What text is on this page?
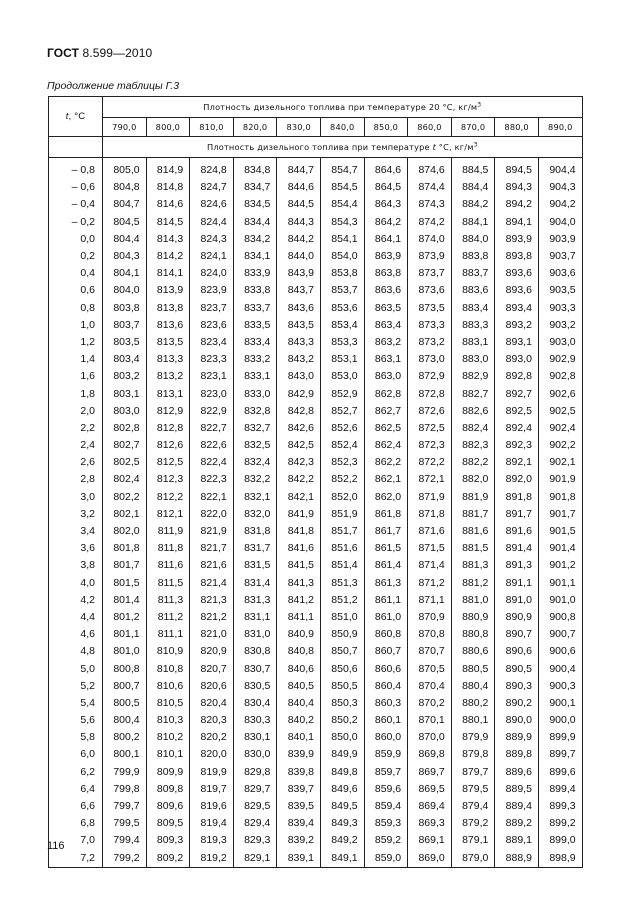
ГОСТ 8.599—2010
Продолжение таблицы Г.3
t, °С	Плотность дизельного топлива при температуре 20 °С, $кг/м^3$
	790,0	800,0	810,0	820,0	830,0	840,0	850,0	860,0	870,0	880,0	890,0
	Плотность дизельного топлива при температуре t °С, $кг/м^3$
– 0,8	805,0	814,9	824,8	834,8	844,7	854,7	864,6	874,6	884,5	894,5	904,4
– 0,6	804,8	814,8	824,7	834,7	844,6	854,5	864,5	874,4	884,4	894,3	904,3
– 0,4	804,7	814,6	824,6	834,5	844,5	854,4	864,3	874,3	884,2	894,2	904,2
– 0,2	804,5	814,5	824,4	834,4	844,3	854,3	864,2	874,2	884,1	894,1	904,0
0,0	804,4	814,3	824,3	834,2	844,2	854,1	864,1	874,0	884,0	893,9	903,9
0,2	804,3	814,2	824,1	834,1	844,0	854,0	863,9	873,9	883,8	893,8	903,7
0,4	804,1	814,1	824,0	833,9	843,9	853,8	863,8	873,7	883,7	893,6	903,6
0,6	804,0	813,9	823,9	833,8	843,7	853,7	863,6	873,6	883,6	893,6	903,5
0,8	803,8	813,8	823,7	833,7	843,6	853,6	863,5	873,5	883,4	893,4	903,3
1,0	803,7	813,6	823,6	833,5	843,5	853,4	863,4	873,3	883,3	893,2	903,2
1,2	803,5	813,5	823,4	833,4	843,3	853,3	863,2	873,2	883,1	893,1	903,0
1,4	803,4	813,3	823,3	833,2	843,2	853,1	863,1	873,0	883,0	893,0	902,9
1,6	803,2	813,2	823,1	833,1	843,0	853,0	863,0	872,9	882,9	892,8	902,8
1,8	803,1	813,1	823,0	833,0	842,9	852,9	862,8	872,8	882,7	892,7	902,6
2,0	803,0	812,9	822,9	832,8	842,8	852,7	862,7	872,6	882,6	892,5	902,5
2,2	802,8	812,8	822,7	832,7	842,6	852,6	862,5	872,5	882,4	892,4	902,4
2,4	802,7	812,6	822,6	832,5	842,5	852,4	862,4	872,3	882,3	892,3	902,2
2,6	802,5	812,5	822,4	832,4	842,3	852,3	862,2	872,2	882,2	892,1	902,1
2,8	802,4	812,3	822,3	832,2	842,2	852,2	862,1	872,1	882,0	892,0	901,9
3,0	802,2	812,2	822,1	832,1	842,1	852,0	862,0	871,9	881,9	891,8	901,8
3,2	802,1	812,1	822,0	832,0	841,9	851,9	861,8	871,8	881,7	891,7	901,7
3,4	802,0	811,9	821,9	831,8	841,8	851,7	861,7	871,6	881,6	891,6	901,5
3,6	801,8	811,8	821,7	831,7	841,6	851,6	861,5	871,5	881,5	891,4	901,4
3,8	801,7	811,6	821,6	831,5	841,5	851,4	861,4	871,4	881,3	891,3	901,2
4,0	801,5	811,5	821,4	831,4	841,3	851,3	861,3	871,2	881,2	891,1	901,1
4,2	801,4	811,3	821,3	831,3	841,2	851,2	861,1	871,1	881,0	891,0	901,0
4,4	801,2	811,2	821,2	831,1	841,1	851,0	861,0	870,9	880,9	890,9	900,8
4,6	801,1	811,1	821,0	831,0	840,9	850,9	860,8	870,8	880,8	890,7	900,7
4,8	801,0	810,9	820,9	830,8	840,8	850,7	860,7	870,7	880,6	890,6	900,6
5,0	800,8	810,8	820,7	830,7	840,6	850,6	860,6	870,5	880,5	890,5	900,4
5,2	800,7	810,6	820,6	830,5	840,5	850,5	860,4	870,4	880,4	890,3	900,3
5,4	800,5	810,5	820,4	830,4	840,4	850,3	860,3	870,2	880,2	890,2	900,1
5,6	800,4	810,3	820,3	830,3	840,2	850,2	860,1	870,1	880,1	890,0	900,0
5,8	800,2	810,2	820,2	830,1	840,1	850,0	860,0	870,0	879,9	889,9	899,9
6,0	800,1	810,1	820,0	830,0	839,9	849,9	859,9	869,8	879,8	889,8	899,7
6,2	799,9	809,9	819,9	829,8	839,8	849,8	859,7	869,7	879,7	889,6	899,6
6,4	799,8	809,8	819,7	829,7	839,7	849,6	859,6	869,5	879,5	889,5	899,4
6,6	799,7	809,6	819,6	829,5	839,5	849,5	859,4	869,4	879,4	889,4	899,3
6,8	799,5	809,5	819,4	829,4	839,4	849,3	859,3	869,3	879,2	889,2	899,2
7,0	799,4	809,3	819,3	829,3	839,2	849,2	859,2	869,1	879,1	889,1	899,0
7,2	799,2	809,2	819,2	829,1	839,1	849,1	859,0	869,0	879,0	888,9	898,9
116
